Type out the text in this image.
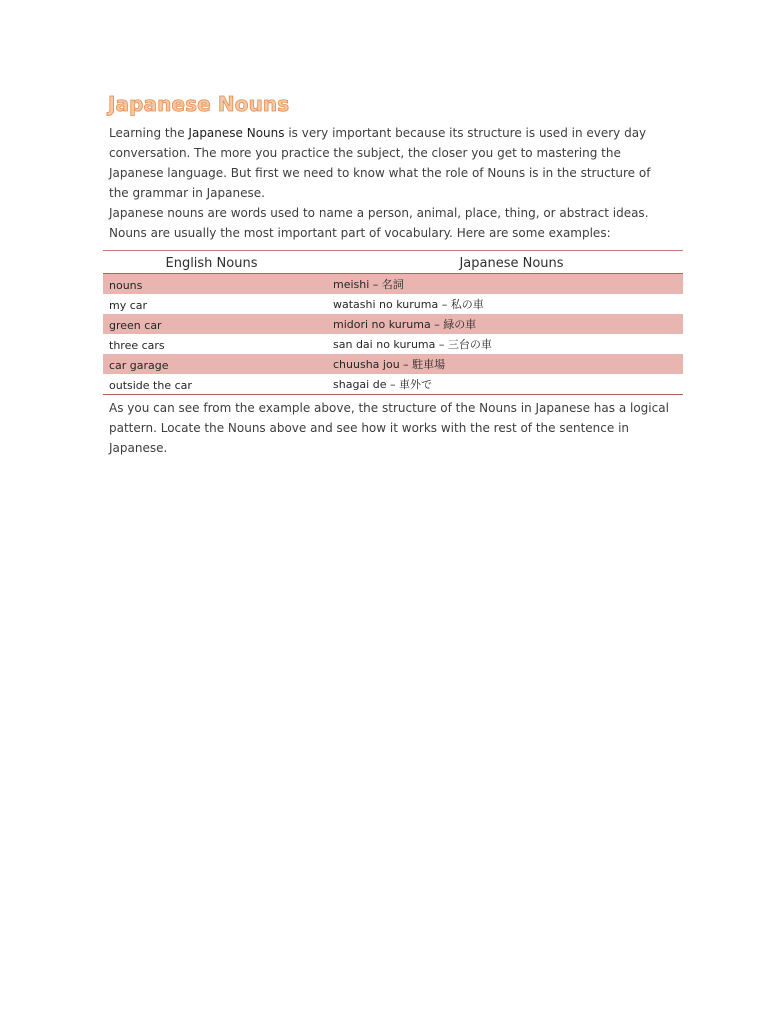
Japanese Nouns
Learning the Japanese Nouns is very important because its structure is used in every day conversation. The more you practice the subject, the closer you get to mastering the Japanese language. But first we need to know what the role of Nouns is in the structure of the grammar in Japanese.
Japanese nouns are words used to name a person, animal, place, thing, or abstract ideas. Nouns are usually the most important part of vocabulary. Here are some examples:
English Nouns	Japanese Nouns
nouns	meishi – 名詞
my car	watashi no kuruma – 私の車
green car	midori no kuruma – 緑の車
three cars	san dai no kuruma – 三台の車
car garage	chuusha jou – 駐車場
outside the car	shagai de – 車外で

As you can see from the example above, the structure of the Nouns in Japanese has a logical pattern. Locate the Nouns above and see how it works with the rest of the sentence in Japanese.
